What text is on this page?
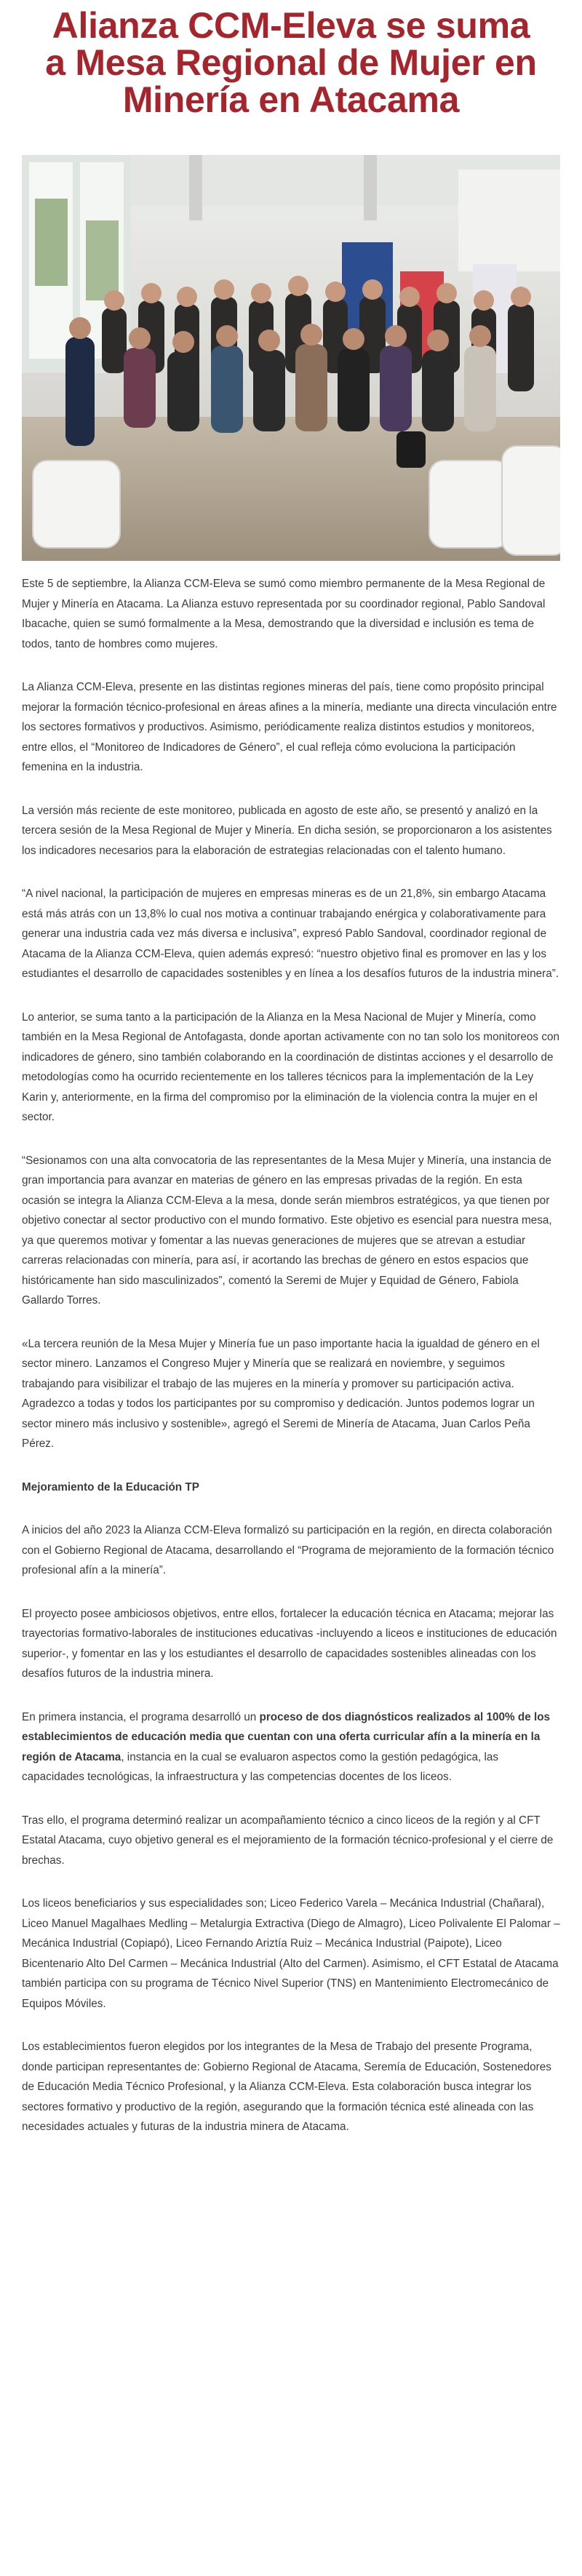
Alianza CCM-Eleva se suma a Mesa Regional de Mujer en Minería en Atacama

Este 5 de septiembre, la Alianza CCM-Eleva se sumó como miembro permanente de la Mesa Regional de Mujer y Minería en Atacama. La Alianza estuvo representada por su coordinador regional, Pablo Sandoval Ibacache, quien se sumó formalmente a la Mesa, demostrando que la diversidad e inclusión es tema de todos, tanto de hombres como mujeres.

La Alianza CCM-Eleva, presente en las distintas regiones mineras del país, tiene como propósito principal mejorar la formación técnico-profesional en áreas afines a la minería, mediante una directa vinculación entre los sectores formativos y productivos. Asimismo, periódicamente realiza distintos estudios y monitoreos, entre ellos, el “Monitoreo de Indicadores de Género”, el cual refleja cómo evoluciona la participación femenina en la industria.

La versión más reciente de este monitoreo, publicada en agosto de este año, se presentó y analizó en la tercera sesión de la Mesa Regional de Mujer y Minería. En dicha sesión, se proporcionaron a los asistentes los indicadores necesarios para la elaboración de estrategias relacionadas con el talento humano.

“A nivel nacional, la participación de mujeres en empresas mineras es de un 21,8%, sin embargo Atacama está más atrás con un 13,8% lo cual nos motiva a continuar trabajando enérgica y colaborativamente para generar una industria cada vez más diversa e inclusiva”, expresó Pablo Sandoval, coordinador regional de Atacama de la Alianza CCM-Eleva, quien además expresó: “nuestro objetivo final es promover en las y los estudiantes el desarrollo de capacidades sostenibles y en línea a los desafíos futuros de la industria minera”.

Lo anterior, se suma tanto a la participación de la Alianza en la Mesa Nacional de Mujer y Minería, como también en la Mesa Regional de Antofagasta, donde aportan activamente con no tan solo los monitoreos con indicadores de género, sino también colaborando en la coordinación de distintas acciones y el desarrollo de metodologías como ha ocurrido recientemente en los talleres técnicos para la implementación de la Ley Karin y, anteriormente, en la firma del compromiso por la eliminación de la violencia contra la mujer en el sector.

“Sesionamos con una alta convocatoria de las representantes de la Mesa Mujer y Minería, una instancia de gran importancia para avanzar en materias de género en las empresas privadas de la región. En esta ocasión se integra la Alianza CCM-Eleva a la mesa, donde serán miembros estratégicos, ya que tienen por objetivo conectar al sector productivo con el mundo formativo. Este objetivo es esencial para nuestra mesa, ya que queremos motivar y fomentar a las nuevas generaciones de mujeres que se atrevan a estudiar carreras relacionadas con minería, para así, ir acortando las brechas de género en estos espacios que históricamente han sido masculinizados”, comentó la Seremi de Mujer y Equidad de Género, Fabiola Gallardo Torres.

«La tercera reunión de la Mesa Mujer y Minería fue un paso importante hacia la igualdad de género en el sector minero. Lanzamos el Congreso Mujer y Minería que se realizará en noviembre, y seguimos trabajando para visibilizar el trabajo de las mujeres en la minería y promover su participación activa. Agradezco a todas y todos los participantes por su compromiso y dedicación. Juntos podemos lograr un sector minero más inclusivo y sostenible», agregó el Seremi de Minería de Atacama, Juan Carlos Peña Pérez.

Mejoramiento de la Educación TP

A inicios del año 2023 la Alianza CCM-Eleva formalizó su participación en la región, en directa colaboración con el Gobierno Regional de Atacama, desarrollando el “Programa de mejoramiento de la formación técnico profesional afín a la minería”.

El proyecto posee ambiciosos objetivos, entre ellos, fortalecer la educación técnica en Atacama; mejorar las trayectorias formativo-laborales de instituciones educativas -incluyendo a liceos e instituciones de educación superior-, y fomentar en las y los estudiantes el desarrollo de capacidades sostenibles alineadas con los desafíos futuros de la industria minera.

En primera instancia, el programa desarrolló un proceso de dos diagnósticos realizados al 100% de los establecimientos de educación media que cuentan con una oferta curricular afín a la minería en la región de Atacama, instancia en la cual se evaluaron aspectos como la gestión pedagógica, las capacidades tecnológicas, la infraestructura y las competencias docentes de los liceos.

Tras ello, el programa determinó realizar un acompañamiento técnico a cinco liceos de la región y al CFT Estatal Atacama, cuyo objetivo general es el mejoramiento de la formación técnico-profesional y el cierre de brechas.

Los liceos beneficiarios y sus especialidades son; Liceo Federico Varela – Mecánica Industrial (Chañaral), Liceo Manuel Magalhaes Medling – Metalurgia Extractiva (Diego de Almagro), Liceo Polivalente El Palomar – Mecánica Industrial (Copiapó), Liceo Fernando Ariztía Ruiz – Mecánica Industrial (Paipote), Liceo Bicentenario Alto Del Carmen – Mecánica Industrial (Alto del Carmen). Asimismo, el CFT Estatal de Atacama también participa con su programa de Técnico Nivel Superior (TNS) en Mantenimiento Electromecánico de Equipos Móviles.

Los establecimientos fueron elegidos por los integrantes de la Mesa de Trabajo del presente Programa, donde participan representantes de: Gobierno Regional de Atacama, Seremía de Educación, Sostenedores de Educación Media Técnico Profesional, y la Alianza CCM-Eleva. Esta colaboración busca integrar los sectores formativo y productivo de la región, asegurando que la formación técnica esté alineada con las necesidades actuales y futuras de la industria minera de Atacama.
